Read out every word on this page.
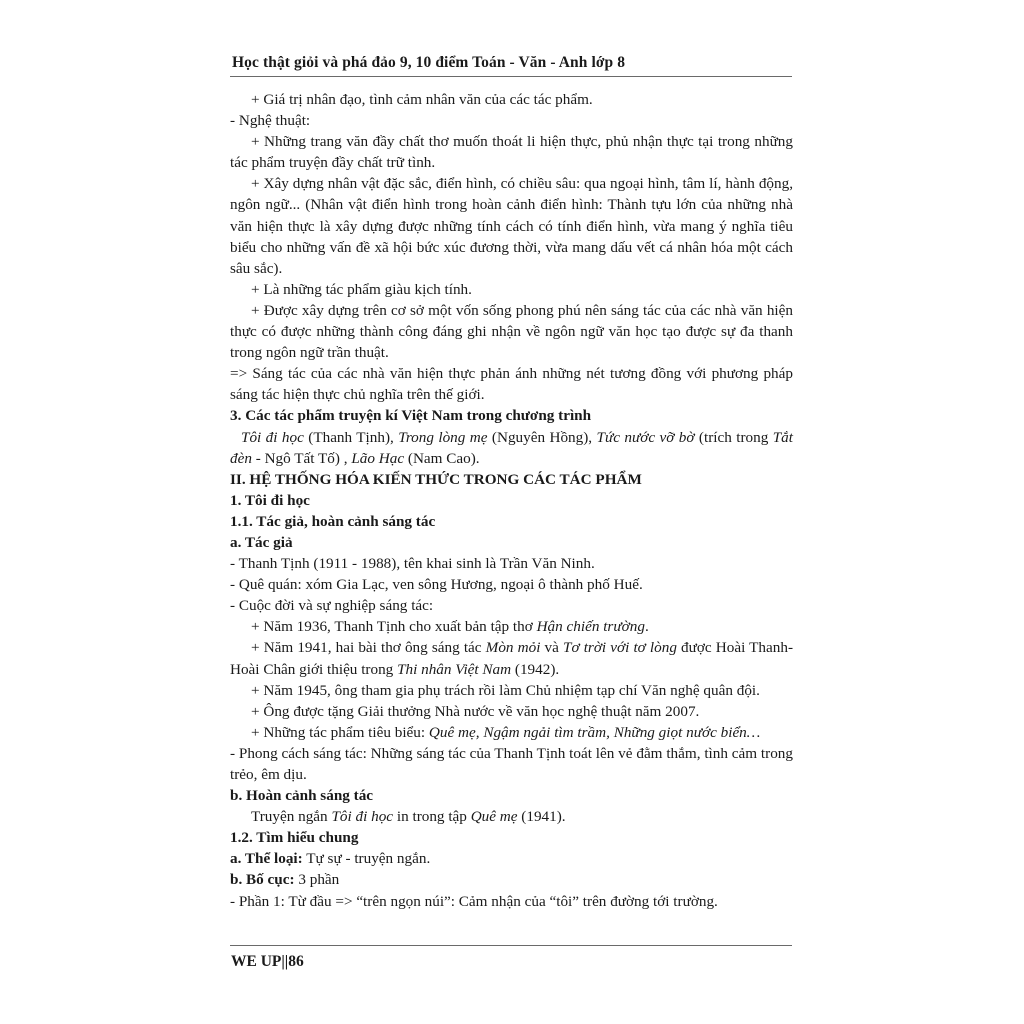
Học thật giỏi và phá đảo 9, 10 điểm Toán - Văn - Anh lớp 8

+ Giá trị nhân đạo, tình cảm nhân văn của các tác phẩm.

- Nghệ thuật:

+ Những trang văn đầy chất thơ muốn thoát li hiện thực, phủ nhận thực tại trong những tác phẩm truyện đầy chất trữ tình.

+ Xây dựng nhân vật đặc sắc, điển hình, có chiều sâu: qua ngoại hình, tâm lí, hành động, ngôn ngữ... (Nhân vật điển hình trong hoàn cảnh điển hình: Thành tựu lớn của những nhà văn hiện thực là xây dựng được những tính cách có tính điển hình, vừa mang ý nghĩa tiêu biểu cho những vấn đề xã hội bức xúc đương thời, vừa mang dấu vết cá nhân hóa một cách sâu sắc).

+ Là những tác phẩm giàu kịch tính.

+ Được xây dựng trên cơ sở một vốn sống phong phú nên sáng tác của các nhà văn hiện thực có được những thành công đáng ghi nhận về ngôn ngữ văn học tạo được sự đa thanh trong ngôn ngữ trần thuật.

=> Sáng tác của các nhà văn hiện thực phản ánh những nét tương đồng với phương pháp sáng tác hiện thực chủ nghĩa trên thế giới.

3. Các tác phẩm truyện kí Việt Nam trong chương trình

Tôi đi học (Thanh Tịnh), Trong lòng mẹ (Nguyên Hồng), Tức nước vỡ bờ (trích trong Tắt đèn - Ngô Tất Tố) , Lão Hạc (Nam Cao).

II. HỆ THỐNG HÓA KIẾN THỨC TRONG CÁC TÁC PHẨM

1. Tôi đi học

1.1. Tác giả, hoàn cảnh sáng tác

a. Tác giả

- Thanh Tịnh (1911 - 1988), tên khai sinh là Trần Văn Ninh.

- Quê quán: xóm Gia Lạc, ven sông Hương, ngoại ô thành phố Huế.

- Cuộc đời và sự nghiệp sáng tác:

+ Năm 1936, Thanh Tịnh cho xuất bản tập thơ Hận chiến trường.

+ Năm 1941, hai bài thơ ông sáng tác Mòn mỏi và Tơ trời với tơ lòng được Hoài Thanh-Hoài Chân giới thiệu trong Thi nhân Việt Nam (1942).

+ Năm 1945, ông tham gia phụ trách rồi làm Chủ nhiệm tạp chí Văn nghệ quân đội.

+ Ông được tặng Giải thưởng Nhà nước về văn học nghệ thuật năm 2007.

+ Những tác phẩm tiêu biểu: Quê mẹ, Ngậm ngải tìm trầm, Những giọt nước biển…

- Phong cách sáng tác: Những sáng tác của Thanh Tịnh toát lên vẻ đằm thắm, tình cảm trong trẻo, êm dịu.

b. Hoàn cảnh sáng tác

Truyện ngắn Tôi đi học in trong tập Quê mẹ (1941).

1.2. Tìm hiểu chung

a. Thể loại: Tự sự - truyện ngắn.

b. Bố cục: 3 phần

- Phần 1: Từ đầu => “trên ngọn núi”: Cảm nhận của “tôi” trên đường tới trường.

WE UP||86
